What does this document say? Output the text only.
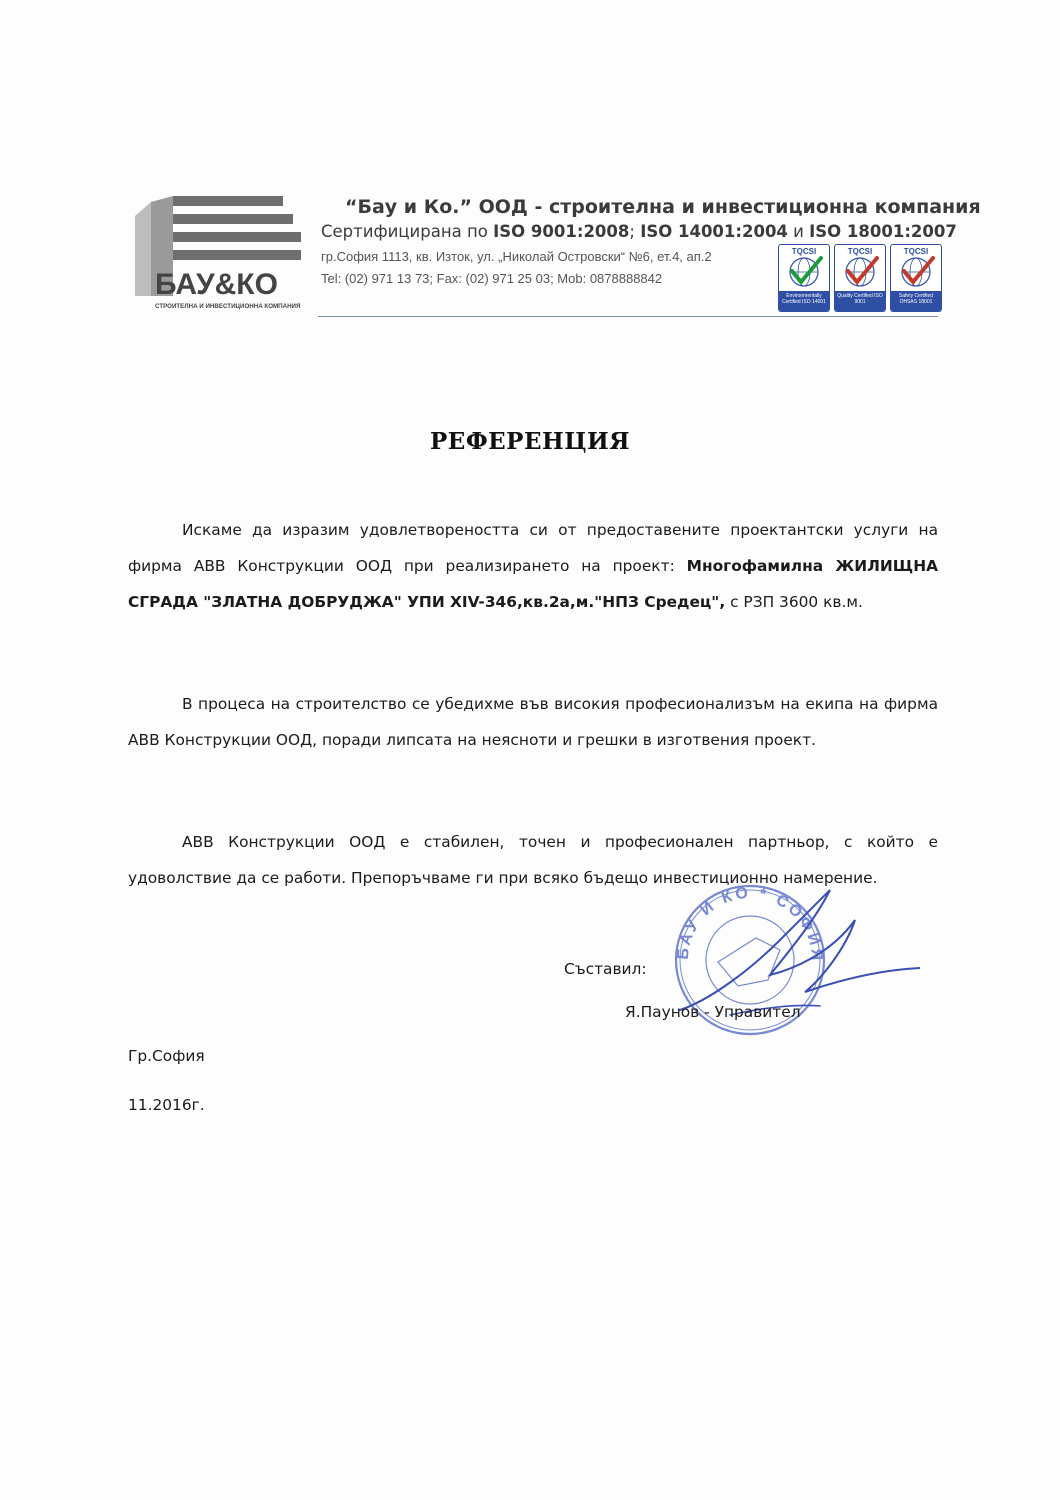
БАУ&КО
СТРОИТЕЛНА И ИНВЕСТИЦИОННА КОМПАНИЯ
“Бау и Ко.” ООД - строителна и инвестиционна компания
Сертифицирана по ISO 9001:2008; ISO 14001:2004 и ISO 18001:2007
гр.София 1113, кв. Изток, ул. „Николай Островски“ №6, ет.4, ап.2
Tel: (02) 971 13 73; Fax: (02) 971 25 03; Mob: 0878888842
TQCSI
Environmentally Certified ISO 14001
TQCSI
Quality Certified ISO 9001
TQCSI
Safety Certified OHSAS 18001
РЕФЕРЕНЦИЯ
Искаме да изразим удовлетвореността си от предоставените проектантски услуги на фирма АВВ Конструкции ООД при реализирането на проект: Многофамилна ЖИЛИЩНА СГРАДА "ЗЛАТНА ДОБРУДЖА" УПИ XIV-346,кв.2а,м."НПЗ Средец", с РЗП 3600 кв.м.
В процеса на строителство се убедихме във високия професионализъм на екипа на фирма АВВ Конструкции ООД, поради липсата на неясноти и грешки в изготвения проект.
АВВ Конструкции ООД е стабилен, точен и професионален партньор, с който е удоволствие да се работи. Препоръчваме ги при всяко бъдещо инвестиционно намерение.
БАУ И КО * СОФИЯ
Съставил:
Я.Паунов - Управител
Гр.София
11.2016г.
